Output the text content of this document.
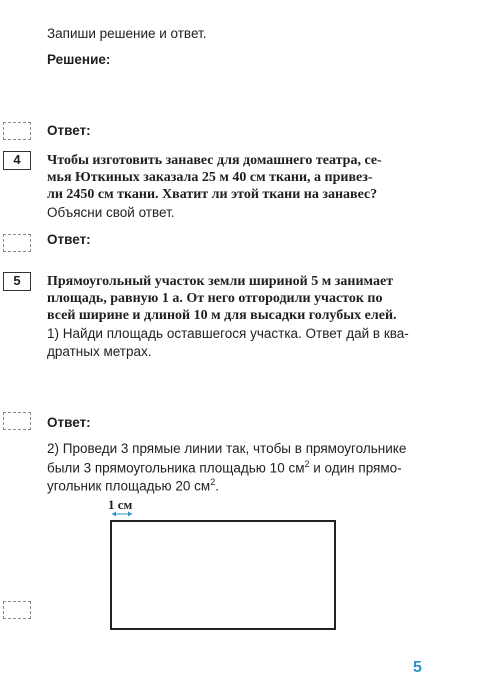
Запиши решение и ответ.
Решение:
Ответ:
4	Чтобы изготовить занавес для домашнего театра, се-
мья Юткиных заказала 25 м 40 см ткани, а привез-
ли 2450 см ткани. Хватит ли этой ткани на занавес?
Объясни свой ответ.
Ответ:
5	Прямоугольный участок земли шириной 5 м занимает
площадь, равную 1 а. От него отгородили участок по
всей ширине и длиной 10 м для высадки голубых елей.
1) Найди площадь оставшегося участка. Ответ дай в ква-
дратных метрах.
Ответ:
2) Проведи 3 прямые линии так, чтобы в прямоугольнике
были 3 прямоугольника площадью 10 $см^2$ и один прямо-
угольник площадью 20 $см^2$.
1 см
5
